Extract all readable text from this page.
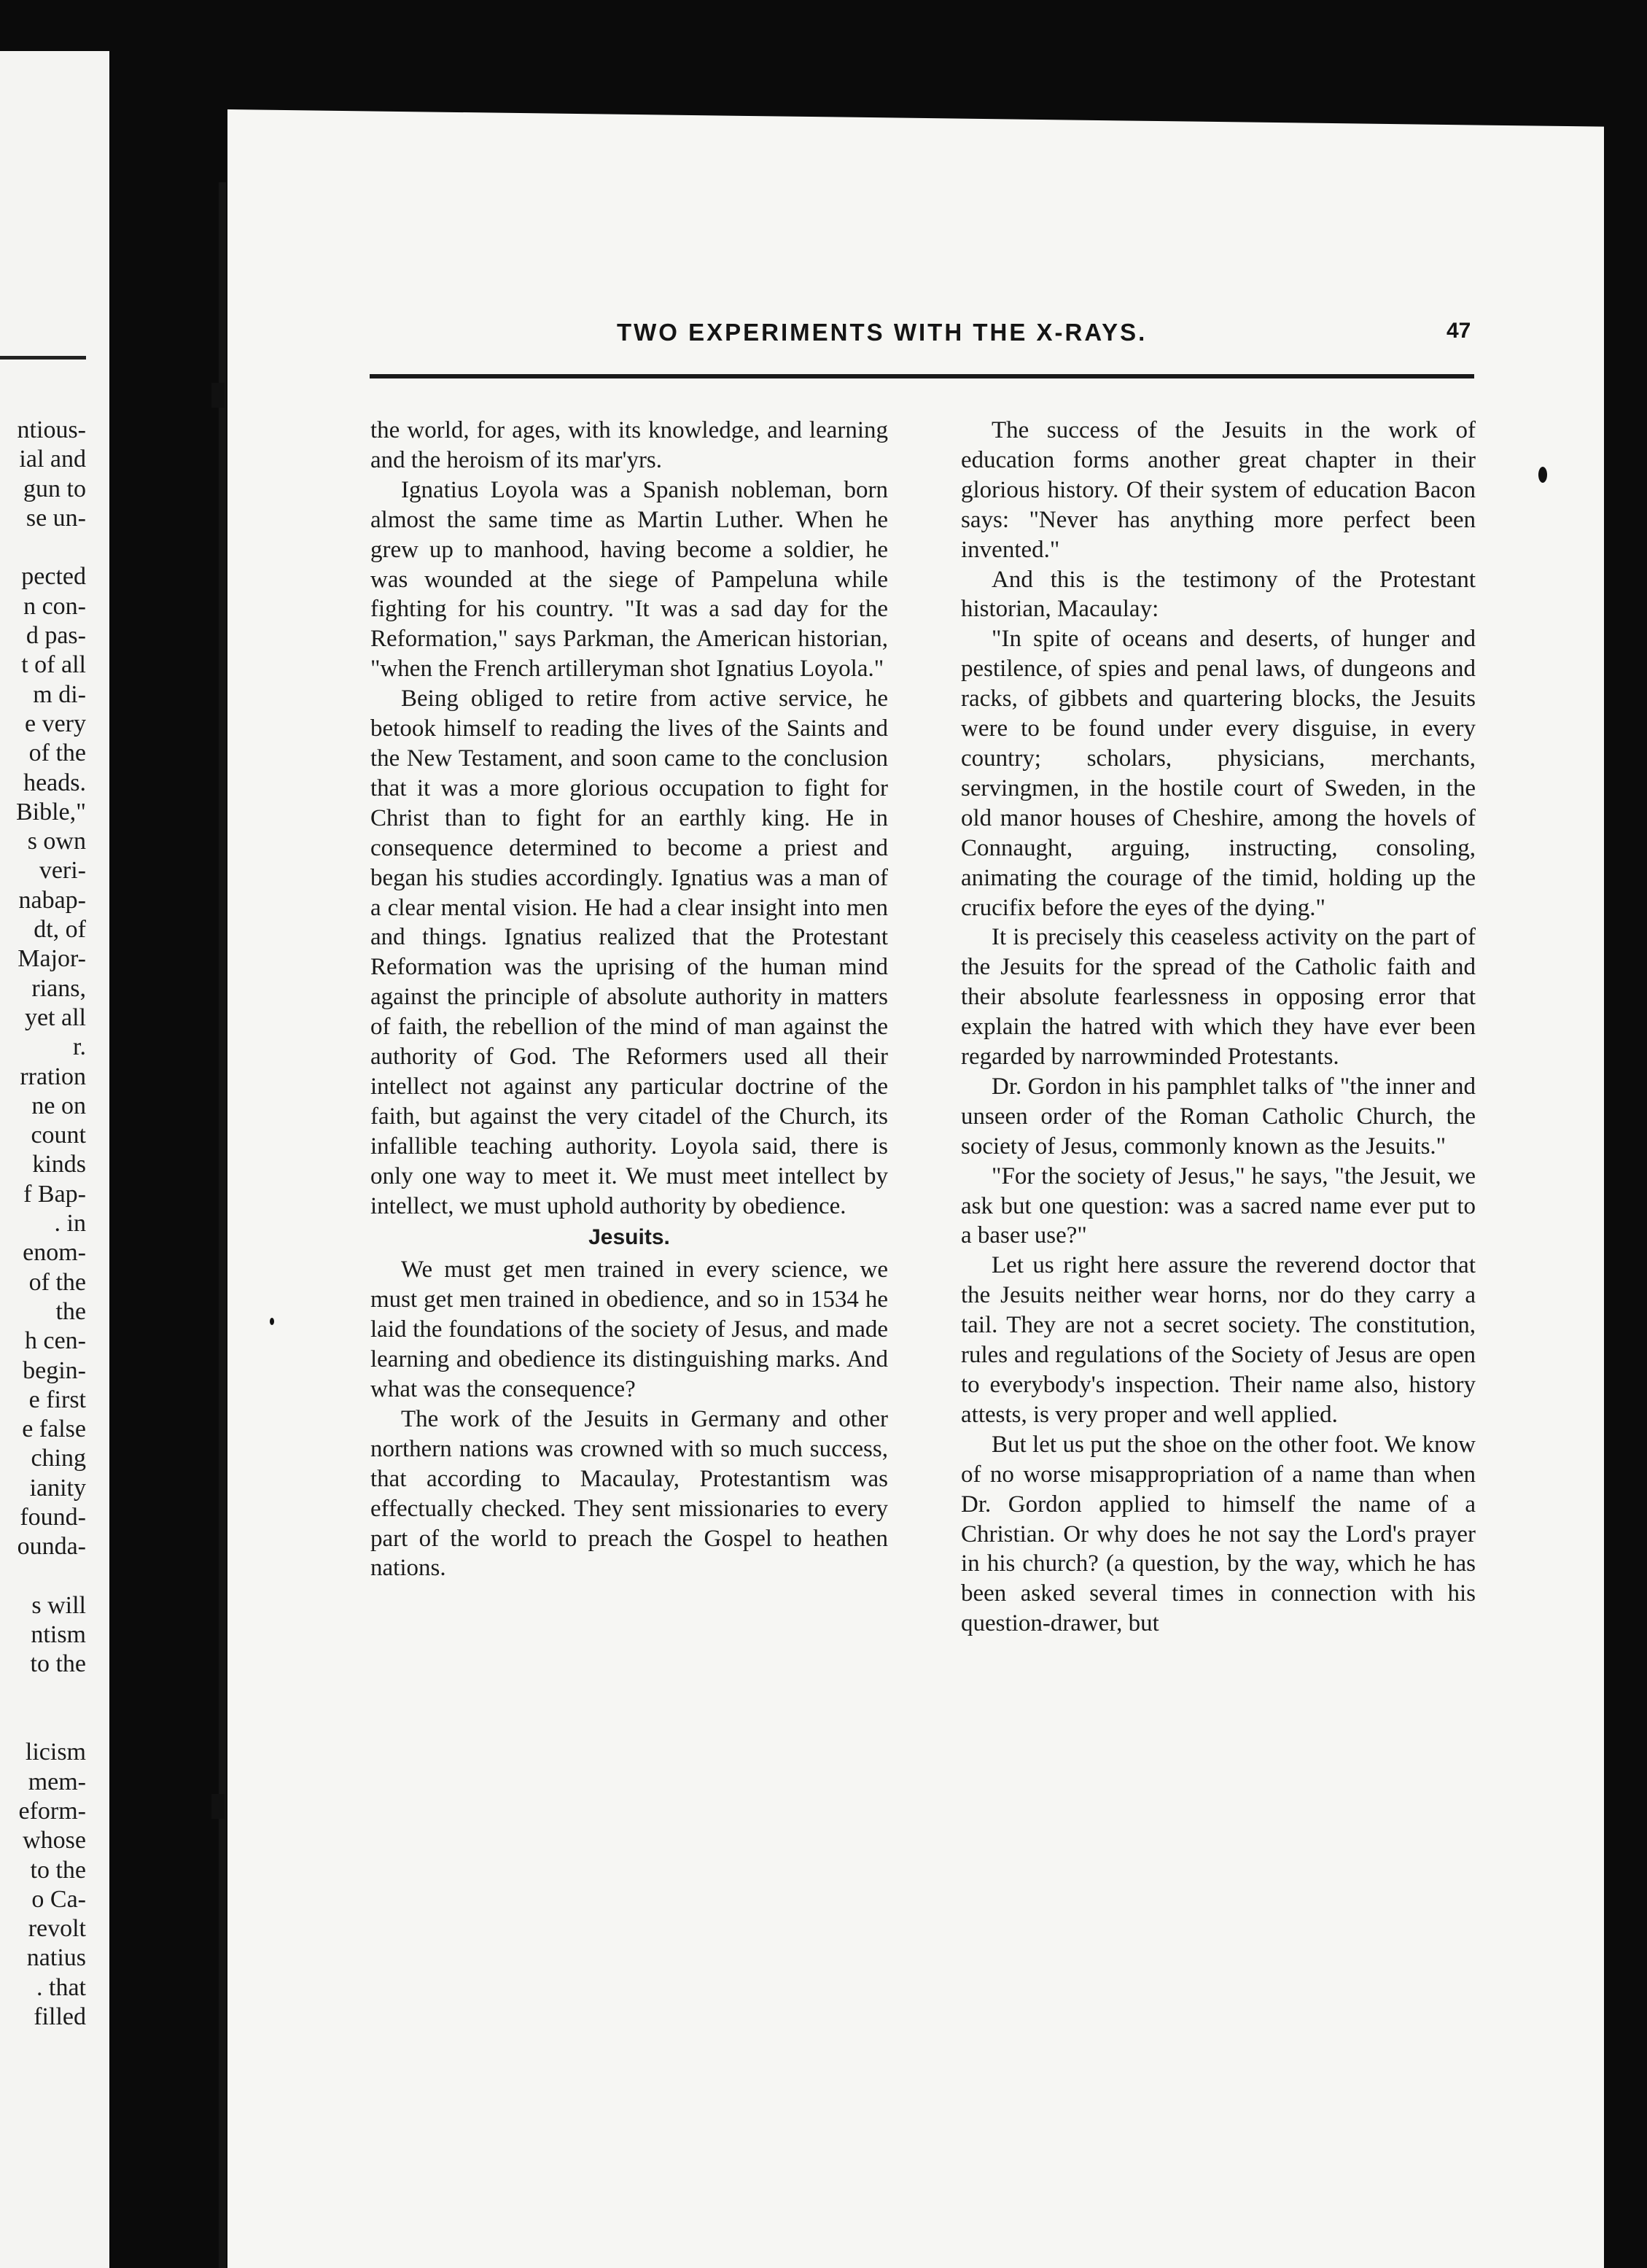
ntious-
ial and
gun to
se un-
pected
n con-
d pas-
t of all
m di-
e very
of the
heads.
Bible,"
s own
veri-
nabap-
dt, of
Major-
rians,
yet all
r.
rration
ne on
count
kinds
f Bap-
. in
enom-
of the
the
h cen-
begin-
e first
e false
ching
ianity
found-
ounda-
s will
ntism
to the
licism
mem-
eform-
whose
to the
o Ca-
revolt
natius
. that
filled
TWO EXPERIMENTS WITH THE X-RAYS.	47

the world, for ages, with its knowledge, and learning and the heroism of its mar'yrs.

Ignatius Loyola was a Spanish nobleman, born almost the same time as Martin Luther. When he grew up to manhood, having become a soldier, he was wounded at the siege of Pampeluna while fighting for his country. "It was a sad day for the Reformation," says Parkman, the American historian, "when the French artilleryman shot Ignatius Loyola."

Being obliged to retire from active service, he betook himself to reading the lives of the Saints and the New Testament, and soon came to the conclusion that it was a more glorious occupation to fight for Christ than to fight for an earthly king. He in consequence determined to become a priest and began his studies accordingly. Ignatius was a man of a clear mental vision. He had a clear insight into men and things. Ignatius realized that the Protestant Reformation was the uprising of the human mind against the principle of absolute authority in matters of faith, the rebellion of the mind of man against the authority of God. The Reformers used all their intellect not against any particular doctrine of the faith, but against the very citadel of the Church, its infallible teaching authority. Loyola said, there is only one way to meet it. We must meet intellect by intellect, we must uphold authority by obedience.

Jesuits.

We must get men trained in every science, we must get men trained in obedience, and so in 1534 he laid the foundations of the society of Jesus, and made learning and obedience its distinguishing marks. And what was the consequence?

The work of the Jesuits in Germany and other northern nations was crowned with so much success, that according to Macaulay, Protestantism was effectually checked. They sent missionaries to every part of the world to preach the Gospel to heathen nations.

The success of the Jesuits in the work of education forms another great chapter in their glorious history. Of their system of education Bacon says: "Never has anything more perfect been invented."

And this is the testimony of the Protestant historian, Macaulay:

"In spite of oceans and deserts, of hunger and pestilence, of spies and penal laws, of dungeons and racks, of gibbets and quartering blocks, the Jesuits were to be found under every disguise, in every country; scholars, physicians, merchants, servingmen, in the hostile court of Sweden, in the old manor houses of Cheshire, among the hovels of Connaught, arguing, instructing, consoling, animating the courage of the timid, holding up the crucifix before the eyes of the dying."

It is precisely this ceaseless activity on the part of the Jesuits for the spread of the Catholic faith and their absolute fearlessness in opposing error that explain the hatred with which they have ever been regarded by narrowminded Protestants.

Dr. Gordon in his pamphlet talks of "the inner and unseen order of the Roman Catholic Church, the society of Jesus, commonly known as the Jesuits."

"For the society of Jesus," he says, "the Jesuit, we ask but one question: was a sacred name ever put to a baser use?"

Let us right here assure the reverend doctor that the Jesuits neither wear horns, nor do they carry a tail. They are not a secret society. The constitution, rules and regulations of the Society of Jesus are open to everybody's inspection. Their name also, history attests, is very proper and well applied.

But let us put the shoe on the other foot. We know of no worse misappropriation of a name than when Dr. Gordon applied to himself the name of a Christian. Or why does he not say the Lord's prayer in his church? (a question, by the way, which he has been asked several times in connection with his question-drawer, but
